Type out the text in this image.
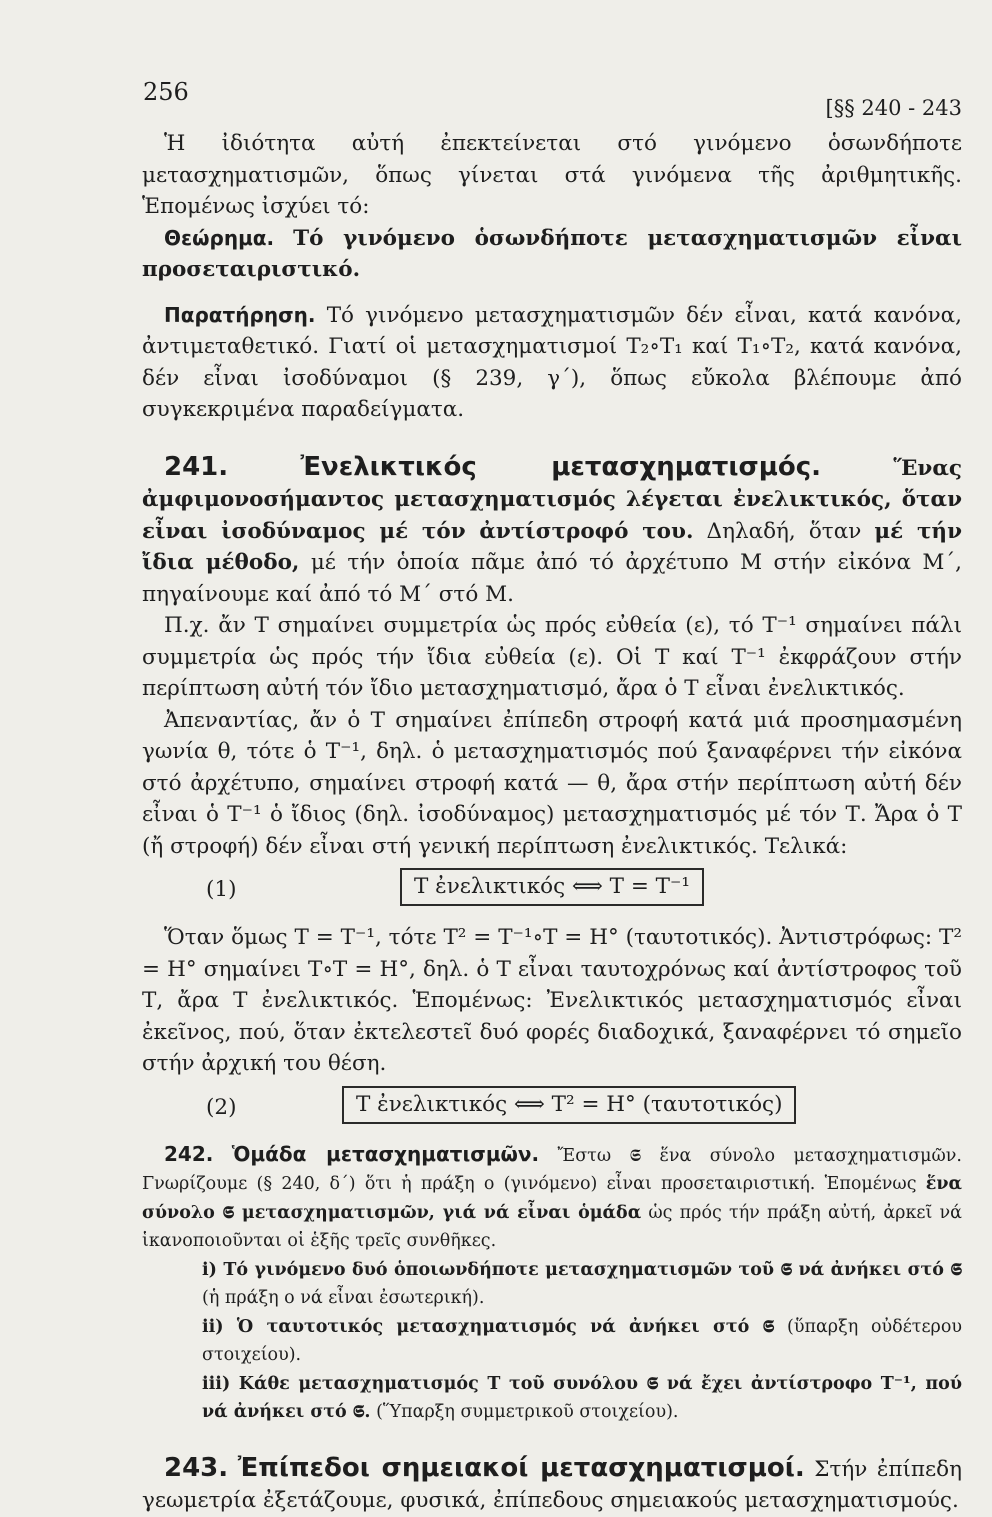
256
[§§ 240 - 243

Ἡ ἰδιότητα αὐτή ἐπεκτείνεται στό γινόμενο ὁσωνδήποτε μετασχηματισμῶν, ὅπως γίνεται στά γινόμενα τῆς ἀριθμητικῆς. Ἑπομένως ἰσχύει τό:

Θεώρημα. Τό γινόμενο ὁσωνδήποτε μετασχηματισμῶν εἶναι προσεταιριστικό.

Παρατήρηση. Τό γινόμενο μετασχηματισμῶν δέν εἶναι, κατά κανόνα, ἀντιμεταθετικό. Γιατί οἱ μετασχηματισμοί T₂∘T₁ καί T₁∘T₂, κατά κανόνα, δέν εἶναι ἰσοδύναμοι (§ 239, γ΄), ὅπως εὔκολα βλέπουμε ἀπό συγκεκριμένα παραδείγματα.

241.	Ἐνελικτικός μετασχηματισμός.	Ἕνας ἀμφιμονοσήμαντος μετασχηματισμός λέγεται ἐνελικτικός, ὅταν εἶναι ἰσοδύναμος μέ τόν ἀντίστροφό του. Δηλαδή, ὅταν μέ τήν ἴδια μέθοδο, μέ τήν ὁποία πᾶμε ἀπό τό ἀρχέτυπο Μ στήν εἰκόνα Μ΄, πηγαίνουμε καί ἀπό τό Μ΄ στό Μ.

Π.χ. ἄν Τ σημαίνει συμμετρία ὡς πρός εὐθεία (ε), τό T⁻¹ σημαίνει πάλι συμμετρία ὡς πρός τήν ἴδια εὐθεία (ε). Οἱ Τ καί T⁻¹ ἐκφράζουν στήν περίπτωση αὐτή τόν ἴδιο μετασχηματισμό, ἄρα ὁ Τ εἶναι ἐνελικτικός.

Ἀπεναντίας, ἄν ὁ Τ σημαίνει ἐπίπεδη στροφή κατά μιά προσημασμένη γωνία θ, τότε ὁ T⁻¹, δηλ. ὁ μετασχηματισμός πού ξαναφέρνει τήν εἰκόνα στό ἀρχέτυπο, σημαίνει στροφή κατά — θ, ἄρα στήν περίπτωση αὐτή δέν εἶναι ὁ T⁻¹ ὁ ἴδιος (δηλ. ἰσοδύναμος) μετασχηματισμός μέ τόν Τ. Ἄρα ὁ Τ (ἤ στροφή) δέν εἶναι στή γενική περίπτωση ἐνελικτικός. Τελικά:

(1)	Τ ἐνελικτικός ⟺ T = T⁻¹

Ὅταν ὅμως T = T⁻¹, τότε T² = T⁻¹∘T = H° (ταυτοτικός). Ἀντιστρόφως: T² = H° σημαίνει T∘T = H°, δηλ. ὁ Τ εἶναι ταυτοχρόνως καί ἀντίστροφος τοῦ Τ, ἄρα Τ ἐνελικτικός. Ἑπομένως: Ἐνελικτικός μετασχηματισμός εἶναι ἐκεῖνος, πού, ὅταν ἐκτελεστεῖ δυό φορές διαδοχικά, ξαναφέρνει τό σημεῖο στήν ἀρχική του θέση.

(2)	Τ ἐνελικτικός ⟺ T² = H° (ταυτοτικός)

242. Ὁμάδα μετασχηματισμῶν. Ἔστω 𝕾 ἕνα σύνολο μετασχηματισμῶν. Γνωρίζουμε (§ 240, δ΄) ὅτι ἡ πράξη ο (γινόμενο) εἶναι προσεταιριστική. Ἑπομένως ἕνα σύνολο 𝕾 μετασχηματισμῶν, γιά νά εἶναι ὁμάδα ὡς πρός τήν πράξη αὐτή, ἀρκεῖ νά ἱκανοποιοῦνται οἱ ἑξῆς τρεῖς συνθῆκες.

i) Τό γινόμενο δυό ὁποιωνδήποτε μετασχηματισμῶν τοῦ 𝕾 νά ἀνήκει στό 𝕾 (ἡ πράξη ο νά εἶναι ἐσωτερική).

ii) Ὁ ταυτοτικός μετασχηματισμός νά ἀνήκει στό 𝕾 (ὕπαρξη οὐδέτερου στοιχείου).

iii) Κάθε μετασχηματισμός Τ τοῦ συνόλου 𝕾 νά ἔχει ἀντίστροφο T⁻¹, πού νά ἀνήκει στό 𝕾. (Ὕπαρξη συμμετρικοῦ στοιχείου).

243. Ἐπίπεδοι σημειακοί μετασχηματισμοί. Στήν ἐπίπεδη γεωμετρία ἐξετάζουμε, φυσικά, ἐπίπεδους σημειακούς μετασχηματισμούς.
